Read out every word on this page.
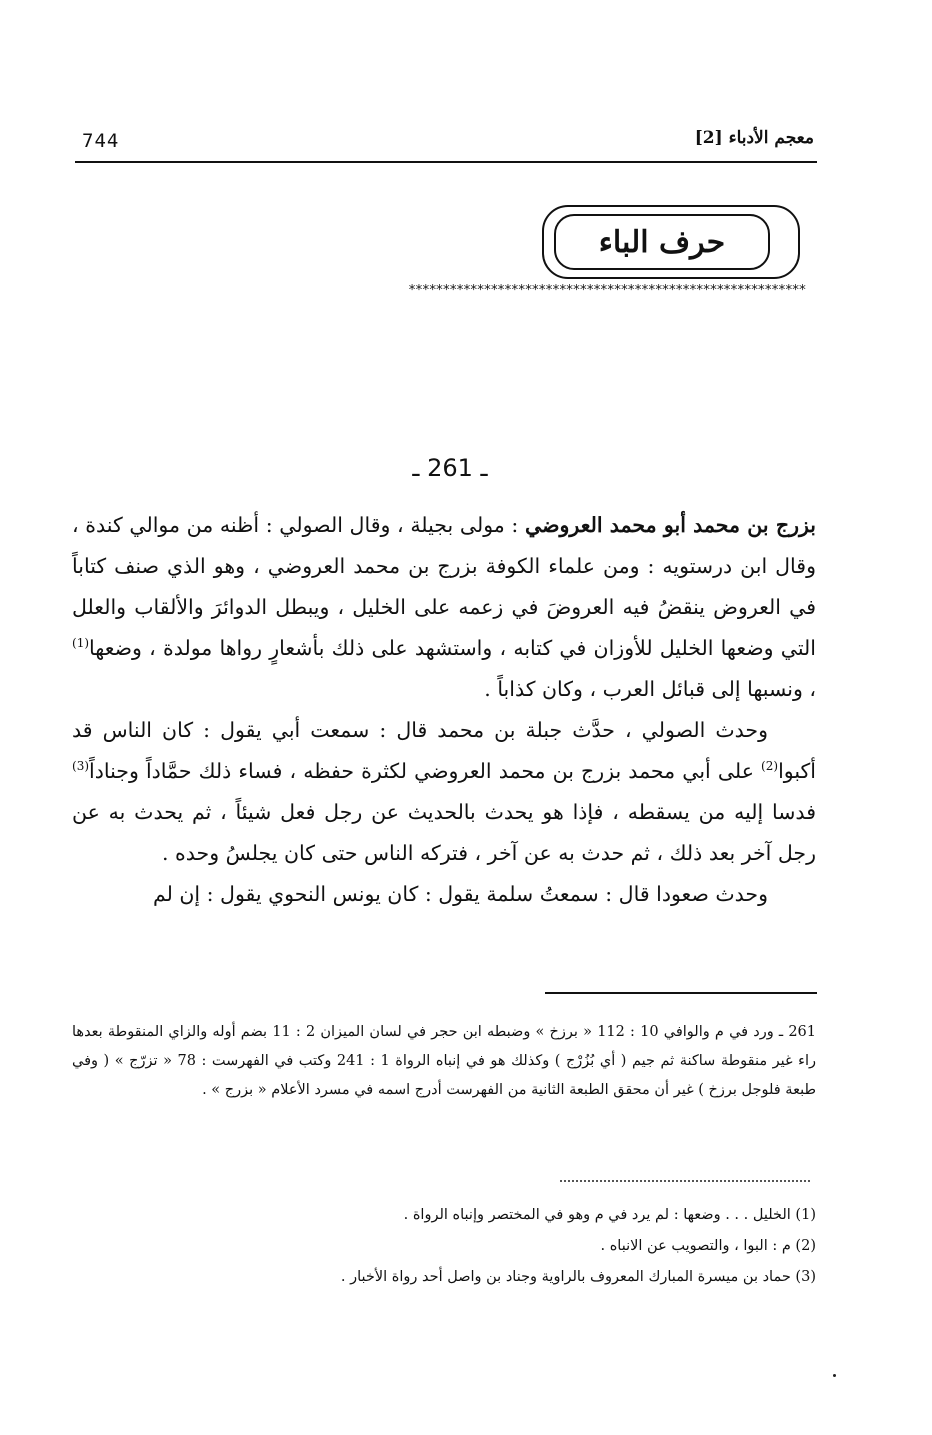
744	معجم الأدباء [2]
حرف الباء
**********************************************************
ـ 261 ـ

بزرج بن محمد أبو محمد العروضي : مولى بجيلة ، وقال الصولي : أظنه من موالي كندة ، وقال ابن درستويه : ومن علماء الكوفة بزرج بن محمد العروضي ، وهو الذي صنف كتاباً في العروض ينقضُ فيه العروضَ في زعمه على الخليل ، ويبطل الدوائرَ والألقاب والعلل التي وضعها الخليل للأوزان في كتابه ، واستشهد على ذلك بأشعارٍ رواها مولدة ، وضعها$^{(1)}$ ، ونسبها إلى قبائل العرب ، وكان كذاباً .

وحدث الصولي ، حدَّث جبلة بن محمد قال : سمعت أبي يقول : كان الناس قد أكبوا$^{(2)}$ على أبي محمد بزرج بن محمد العروضي لكثرة حفظه ، فساء ذلك حمَّاداً وجناداً$^{(3)}$ فدسا إليه من يسقطه ، فإذا هو يحدث بالحديث عن رجل فعل شيئاً ، ثم يحدث به عن رجل آخر بعد ذلك ، ثم حدث به عن آخر ، فتركه الناس حتى كان يجلسُ وحده .

وحدث صعودا قال : سمعتُ سلمة يقول : كان يونس النحوي يقول : إن لم

261 ـ ورد في م والوافي 10 : 112 « برزخ » وضبطه ابن حجر في لسان الميزان 2 : 11 بضم أوله والزاي المنقوطة بعدها راء غير منقوطة ساكنة ثم جيم ( أي بُزُرْج ) وكذلك هو في إنباه الرواة 1 : 241 وكتب في الفهرست : 78 « تزرّج » ( وفي طبعة فلوجل برزخ ) غير أن محقق الطبعة الثانية من الفهرست أدرج اسمه في مسرد الأعلام « بزرج » .

(1) الخليل . . . وضعها : لم يرد في م وهو في المختصر وإنباه الرواة .

(2) م : البوا ، والتصويب عن الانباه .

(3) حماد بن ميسرة المبارك المعروف بالراوية وجناد بن واصل أحد رواة الأخبار .
